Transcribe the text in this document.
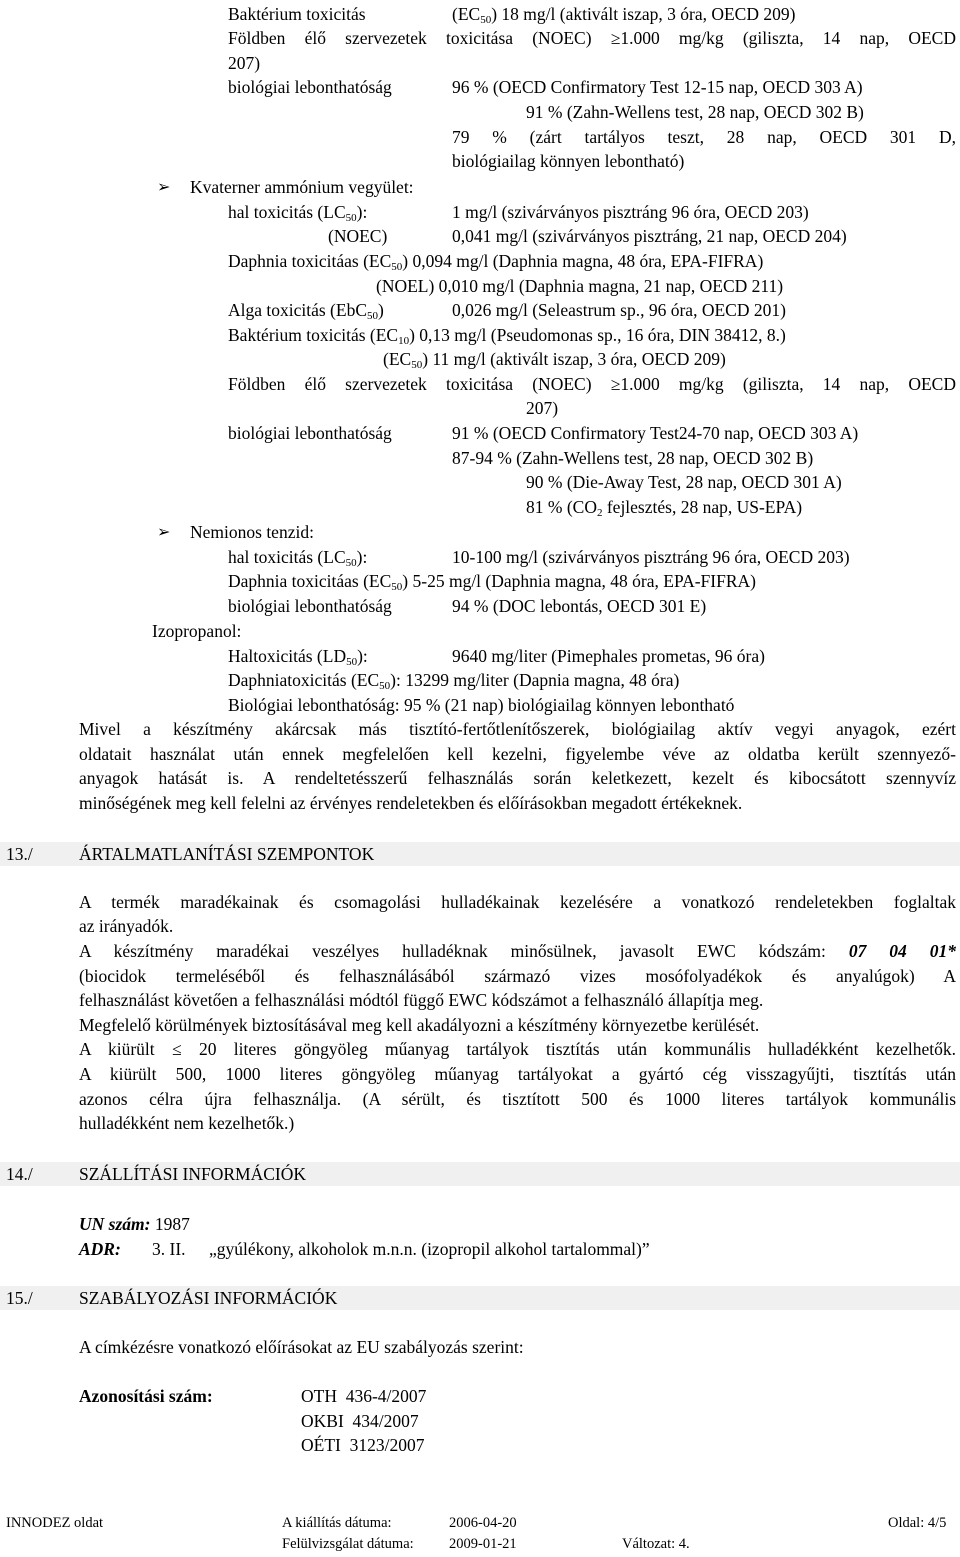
Baktérium toxicitás	$(EC_{50})$ 18 mg/l (aktivált iszap, 3 óra, OECD 209)
Földben élő szervezetek toxicitása (NOEC) ≥1.000 mg/kg (giliszta, 14 nap, OECD
207)
biológiai lebonthatóság	96 % (OECD Confirmatory Test 12-15 nap, OECD 303 A)
91 % (Zahn-Wellens test, 28 nap, OECD 302 B)
79 % (zárt tartályos teszt, 28 nap, OECD 301 D,
biológiailag könnyen lebontható)
➢ Kvaterner ammónium vegyület:
hal toxicitás $(LC_{50})$:	1 mg/l (szivárványos pisztráng 96 óra, OECD 203)
(NOEC)	0,041 mg/l (szivárványos pisztráng, 21 nap, OECD 204)
Daphnia toxicitáas $(EC_{50})$ 0,094 mg/l (Daphnia magna, 48 óra, EPA-FIFRA)
(NOEL) 0,010 mg/l (Daphnia magna, 21 nap, OECD 211)
Alga toxicitás (EbC$_{50}$)	0,026 mg/l (Seleastrum sp., 96 óra, OECD 201)
Baktérium toxicitás $(EC_{10})$ 0,13 mg/l (Pseudomonas sp., 16 óra, DIN 38412, 8.)
$(EC_{50})$ 11 mg/l (aktivált iszap, 3 óra, OECD 209)
Földben élő szervezetek toxicitása (NOEC) ≥1.000 mg/kg (giliszta, 14 nap, OECD
207)
biológiai lebonthatóság	91 % (OECD Confirmatory Test24-70 nap, OECD 303 A)
87-94 % (Zahn-Wellens test, 28 nap, OECD 302 B)
90 % (Die-Away Test, 28 nap, OECD 301 A)
81 % ($CO_2$ fejlesztés, 28 nap, US-EPA)
➢ Nemionos tenzid:
hal toxicitás $(LC_{50})$:	10-100 mg/l (szivárványos pisztráng 96 óra, OECD 203)
Daphnia toxicitáas $(EC_{50})$ 5-25 mg/l (Daphnia magna, 48 óra, EPA-FIFRA)
biológiai lebonthatóság	94 % (DOC lebontás, OECD 301 E)
Izopropanol:
Haltoxicitás $(LD_{50})$:	9640 mg/liter (Pimephales prometas, 96 óra)
Daphniatoxicitás $(EC_{50})$: 13299 mg/liter (Dapnia magna, 48 óra)
Biológiai lebonthatóság: 95 % (21 nap) biológiailag könnyen lebontható
Mivel a készítmény akárcsak más tisztító-fertőtlenítőszerek, biológiailag aktív vegyi anyagok, ezért
oldatait használat után ennek megfelelően kell kezelni, figyelembe véve az oldatba került szennyező-
anyagok hatását is. A rendeltetésszerű felhasználás során keletkezett, kezelt és kibocsátott szennyvíz
minőségének meg kell felelni az érvényes rendeletekben és előírásokban megadott értékeknek.
13./	ÁRTALMATLANÍTÁSI SZEMPONTOK
A termék maradékainak és csomagolási hulladékainak kezelésére a vonatkozó rendeletekben foglaltak
az irányadók.
A készítmény maradékai veszélyes hulladéknak minősülnek, javasolt EWC kódszám: 07 04 01*
(biocidok termeléséből és felhasználásából származó vizes mosófolyadékok és anyalúgok) A
felhasználást követően a felhasználási módtól függő EWC kódszámot a felhasználó állapítja meg.
Megfelelő körülmények biztosításával meg kell akadályozni a készítmény környezetbe kerülését.
A kiürült ≤ 20 literes göngyöleg műanyag tartályok tisztítás után kommunális hulladékként kezelhetők.
A kiürült 500, 1000 literes göngyöleg műanyag tartályokat a gyártó cég visszagyűjti, tisztítás után
azonos célra újra felhasználja. (A sérült, és tisztított 500 és 1000 literes tartályok kommunális
hulladékként nem kezelhetők.)
14./	SZÁLLÍTÁSI INFORMÁCIÓK
UN szám: 1987
ADR: 3. II. „gyúlékony, alkoholok m.n.n. (izopropil alkohol tartalommal)”
15./	SZABÁLYOZÁSI INFORMÁCIÓK
A címkézésre vonatkozó előírásokat az EU szabályozás szerint:
Azonosítási szám:	OTH  436-4/2007
OKBI  434/2007
OÉTI  3123/2007
INNODEZ oldat	A kiállítás dátuma:	2006-04-20	Oldal: 4/5
Felülvizsgálat dátuma: 2009-01-21	Változat: 4.
